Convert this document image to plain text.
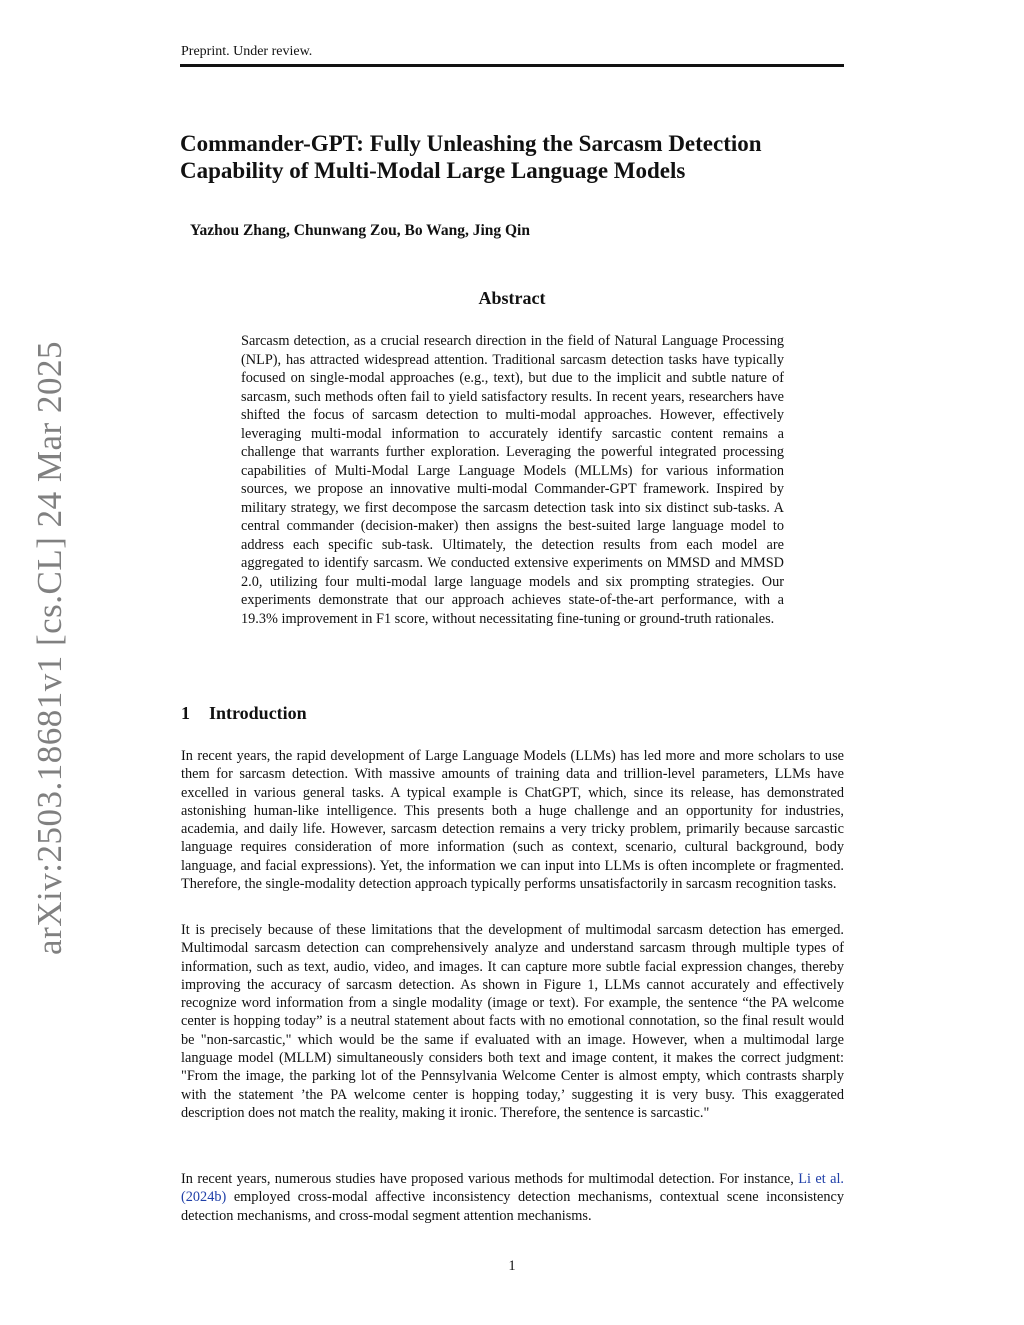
Preprint. Under review.
Commander-GPT: Fully Unleashing the Sarcasm Detection Capability of Multi-Modal Large Language Models
Yazhou Zhang, Chunwang Zou, Bo Wang, Jing Qin
Abstract

Sarcasm detection, as a crucial research direction in the field of Natural Language Processing (NLP), has attracted widespread attention. Traditional sarcasm detection tasks have typically focused on single-modal approaches (e.g., text), but due to the implicit and subtle nature of sarcasm, such methods often fail to yield satisfactory results. In recent years, researchers have shifted the focus of sarcasm detection to multi-modal approaches. However, effectively leveraging multi-modal information to accurately identify sarcastic content remains a challenge that warrants further exploration. Leveraging the powerful integrated processing capabilities of Multi-Modal Large Language Models (MLLMs) for various information sources, we propose an innovative multi-modal Commander-GPT framework. Inspired by military strategy, we first decompose the sarcasm detection task into six distinct sub-tasks. A central commander (decision-maker) then assigns the best-suited large language model to address each specific sub-task. Ultimately, the detection results from each model are aggregated to identify sarcasm. We conducted extensive experiments on MMSD and MMSD 2.0, utilizing four multi-modal large language models and six prompting strategies. Our experiments demonstrate that our approach achieves state-of-the-art performance, with a 19.3% improvement in F1 score, without necessitating fine-tuning or ground-truth rationales.

arXiv:2503.18681v1 [cs.CL] 24 Mar 2025	1 Introduction

In recent years, the rapid development of Large Language Models (LLMs) has led more and more scholars to use them for sarcasm detection. With massive amounts of training data and trillion-level parameters, LLMs have excelled in various general tasks. A typical example is ChatGPT, which, since its release, has demonstrated astonishing human-like intelligence. This presents both a huge challenge and an opportunity for industries, academia, and daily life. However, sarcasm detection remains a very tricky problem, primarily because sarcastic language requires consideration of more information (such as context, scenario, cultural background, body language, and facial expressions). Yet, the information we can input into LLMs is often incomplete or fragmented. Therefore, the single-modality detection approach typically performs unsatisfactorily in sarcasm recognition tasks.

It is precisely because of these limitations that the development of multimodal sarcasm detection has emerged. Multimodal sarcasm detection can comprehensively analyze and understand sarcasm through multiple types of information, such as text, audio, video, and images. It can capture more subtle facial expression changes, thereby improving the accuracy of sarcasm detection. As shown in Figure 1, LLMs cannot accurately and effectively recognize word information from a single modality (image or text). For example, the sentence “the PA welcome center is hopping today” is a neutral statement about facts with no emotional connotation, so the final result would be "non-sarcastic," which would be the same if evaluated with an image. However, when a multimodal large language model (MLLM) simultaneously considers both text and image content, it makes the correct judgment: "From the image, the parking lot of the Pennsylvania Welcome Center is almost empty, which contrasts sharply with the statement ’the PA welcome center is hopping today,’ suggesting it is very busy. This exaggerated description does not match the reality, making it ironic. Therefore, the sentence is sarcastic."

In recent years, numerous studies have proposed various methods for multimodal detection. For instance, Li et al. (2024b) employed cross-modal affective inconsistency detection mechanisms, contextual scene inconsistency detection mechanisms, and cross-modal segment attention mechanisms.

1
